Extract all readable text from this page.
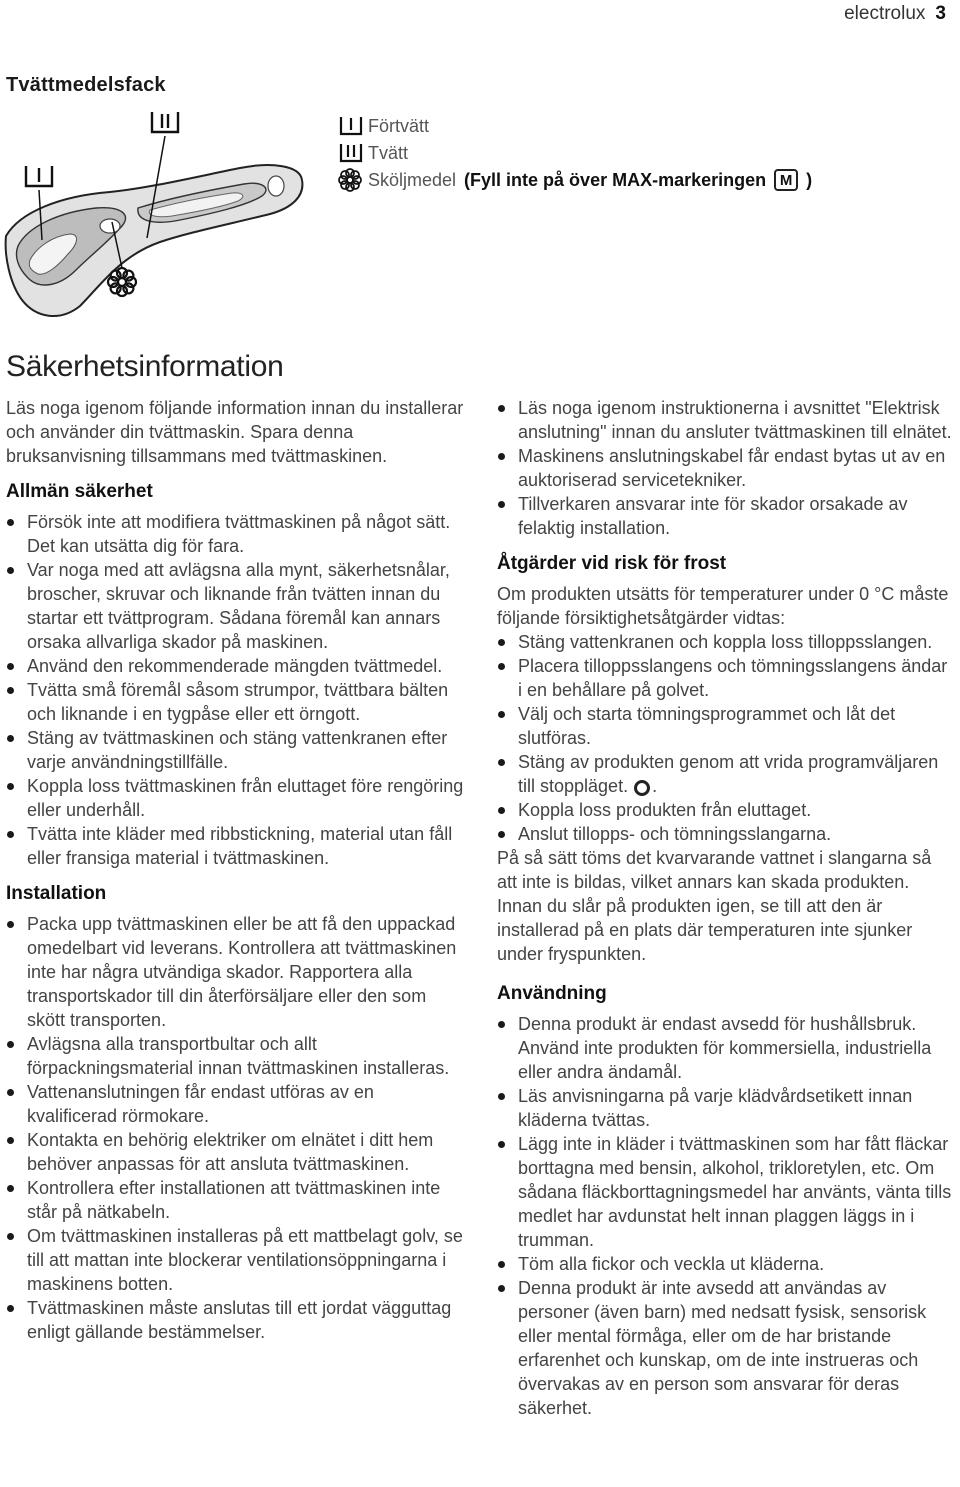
electrolux 3
Tvättmedelsfack
Förtvätt
Tvätt
Sköljmedel (Fyll inte på över MAX-markeringen M )
Säkerhetsinformation

Läs noga igenom följande information innan du installerar och använder din tvättmaskin. Spara denna bruksanvisning tillsammans med tvättmaskinen.

Allmän säkerhet
Försök inte att modifiera tvättmaskinen på något sätt. Det kan utsätta dig för fara.
Var noga med att avlägsna alla mynt, säkerhetsnålar, broscher, skruvar och liknande från tvätten innan du startar ett tvättprogram. Sådana föremål kan annars orsaka allvarliga skador på maskinen.
Använd den rekommenderade mängden tvättmedel.
Tvätta små föremål såsom strumpor, tvättbara bälten och liknande i en tygpåse eller ett örngott.
Stäng av tvättmaskinen och stäng vattenkranen efter varje användningstillfälle.
Koppla loss tvättmaskinen från eluttaget före rengöring eller underhåll.
Tvätta inte kläder med ribbstickning, material utan fåll eller fransiga material i tvättmaskinen.
Installation
Packa upp tvättmaskinen eller be att få den uppackad omedelbart vid leverans. Kontrollera att tvättmaskinen inte har några utvändiga skador. Rapportera alla transportskador till din återförsäljare eller den som skött transporten.
Avlägsna alla transportbultar och allt förpackningsmaterial innan tvättmaskinen installeras.
Vattenanslutningen får endast utföras av en kvalificerad rörmokare.
Kontakta en behörig elektriker om elnätet i ditt hem behöver anpassas för att ansluta tvättmaskinen.
Kontrollera efter installationen att tvättmaskinen inte står på nätkabeln.
Om tvättmaskinen installeras på ett mattbelagt golv, se till att mattan inte blockerar ventilationsöppningarna i maskinens botten.
Tvättmaskinen måste anslutas till ett jordat vägguttag enligt gällande bestämmelser.
Läs noga igenom instruktionerna i avsnittet "Elektrisk anslutning" innan du ansluter tvättmaskinen till elnätet.
Maskinens anslutningskabel får endast bytas ut av en auktoriserad servicetekniker.
Tillverkaren ansvarar inte för skador orsakade av felaktig installation.
Åtgärder vid risk för frost

Om produkten utsätts för temperaturer under 0 °C måste följande försiktighetsåtgärder vidtas:

Stäng vattenkranen och koppla loss tilloppsslangen.
Placera tilloppsslangens och tömningsslangens ändar i en behållare på golvet.
Välj och starta tömningsprogrammet och låt det slutföras.
Stäng av produkten genom att vrida programväljaren till stoppläget. .
Koppla loss produkten från eluttaget.
Anslut tillopps- och tömningsslangarna.

På så sätt töms det kvarvarande vattnet i slangarna så att inte is bildas, vilket annars kan skada produkten.

Innan du slår på produkten igen, se till att den är installerad på en plats där temperaturen inte sjunker under fryspunkten.

Användning
Denna produkt är endast avsedd för hushållsbruk. Använd inte produkten för kommersiella, industriella eller andra ändamål.
Läs anvisningarna på varje klädvårdsetikett innan kläderna tvättas.
Lägg inte in kläder i tvättmaskinen som har fått fläckar borttagna med bensin, alkohol, trikloretylen, etc. Om sådana fläckborttagningsmedel har använts, vänta tills medlet har avdunstat helt innan plaggen läggs in i trumman.
Töm alla fickor och veckla ut kläderna.
Denna produkt är inte avsedd att användas av personer (även barn) med nedsatt fysisk, sensorisk eller mental förmåga, eller om de har bristande erfarenhet och kunskap, om de inte instrueras och övervakas av en person som ansvarar för deras säkerhet.
